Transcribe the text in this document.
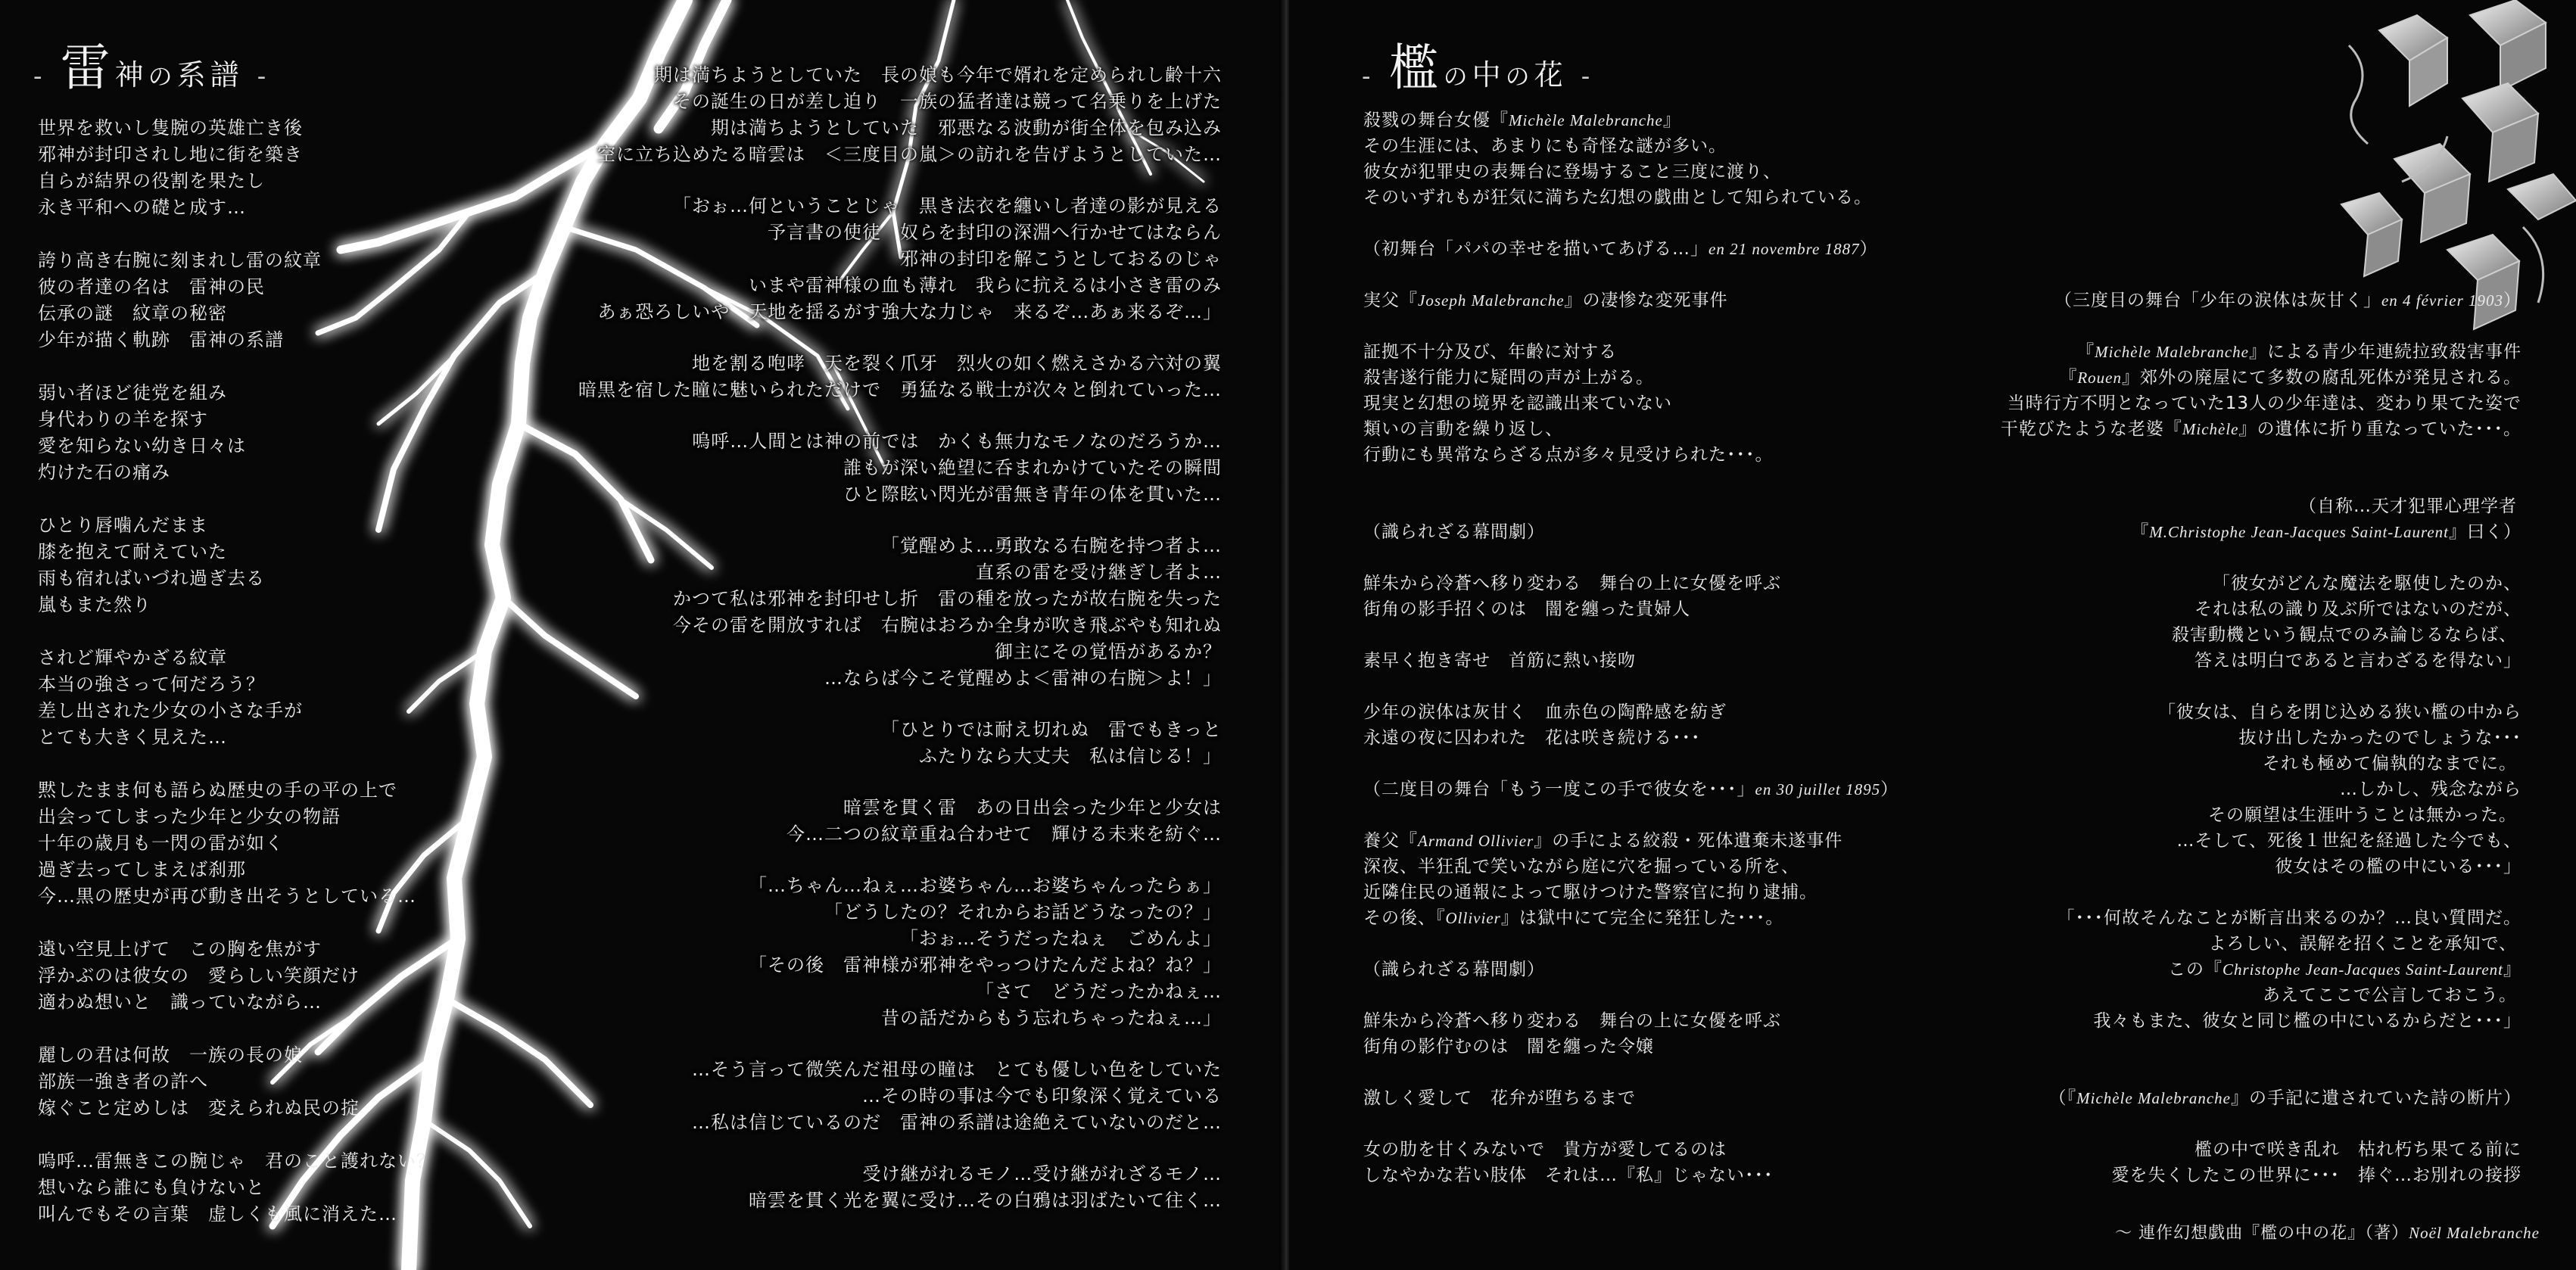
- 雷神の系譜 -
世界を救いし隻腕の英雄亡き後
邪神が封印されし地に街を築き
自らが結界の役割を果たし
永き平和への礎と成す…
誇り高き右腕に刻まれし雷の紋章
彼の者達の名は　雷神の民
伝承の謎　紋章の秘密
少年が描く軌跡　雷神の系譜
弱い者ほど徒党を組み
身代わりの羊を探す
愛を知らない幼き日々は
灼けた石の痛み
ひとり唇噛んだまま
膝を抱えて耐えていた
雨も宿ればいづれ過ぎ去る
嵐もまた然り
されど輝やかざる紋章
本当の強さって何だろう？
差し出された少女の小さな手が
とても大きく見えた…
黙したまま何も語らぬ歴史の手の平の上で
出会ってしまった少年と少女の物語
十年の歳月も一閃の雷が如く
過ぎ去ってしまえば刹那
今…黒の歴史が再び動き出そうとしている…
遠い空見上げて　この胸を焦がす
浮かぶのは彼女の　愛らしい笑顔だけ
適わぬ想いと　識っていながら…
麗しの君は何故　一族の長の娘
部族一強き者の許へ
嫁ぐこと定めしは　変えられぬ民の掟
嗚呼…雷無きこの腕じゃ　君のこと護れない？
想いなら誰にも負けないと
叫んでもその言葉　虚しくも風に消えた…
期は満ちようとしていた　長の娘も今年で婿れを定められし齢十六
その誕生の日が差し迫り　一族の猛者達は競って名乗りを上げた
期は満ちようとしていた　邪悪なる波動が街全体を包み込み
空に立ち込めたる暗雲は　＜三度目の嵐＞の訪れを告げようとしていた…
「おぉ…何ということじゃ　黒き法衣を纏いし者達の影が見える
予言書の使徒　奴らを封印の深淵へ行かせてはならん
邪神の封印を解こうとしておるのじゃ
いまや雷神様の血も薄れ　我らに抗えるは小さき雷のみ
あぁ恐ろしいや　天地を揺るがす強大な力じゃ　来るぞ…あぁ来るぞ…」
地を割る咆哮　天を裂く爪牙　烈火の如く燃えさかる六対の翼
暗黒を宿した瞳に魅いられただけで　勇猛なる戦士が次々と倒れていった…
嗚呼…人間とは神の前では　かくも無力なモノなのだろうか…
誰もが深い絶望に呑まれかけていたその瞬間
ひと際眩い閃光が雷無き青年の体を貫いた…
「覚醒めよ…勇敢なる右腕を持つ者よ…
直系の雷を受け継ぎし者よ…
かつて私は邪神を封印せし折　雷の種を放ったが故右腕を失った
今その雷を開放すれば　右腕はおろか全身が吹き飛ぶやも知れぬ
御主にその覚悟があるか？
…ならば今こそ覚醒めよ＜雷神の右腕＞よ！」
「ひとりでは耐え切れぬ　雷でもきっと
ふたりなら大丈夫　私は信じる！」
暗雲を貫く雷　あの日出会った少年と少女は
今…二つの紋章重ね合わせて　輝ける未来を紡ぐ…
「…ちゃん…ねぇ…お婆ちゃん…お婆ちゃんったらぁ」
「どうしたの？それからお話どうなったの？」
「おぉ…そうだったねぇ　ごめんよ」
「その後　雷神様が邪神をやっつけたんだよね？ね？」
「さて　どうだったかねぇ…
昔の話だからもう忘れちゃったねぇ…」
…そう言って微笑んだ祖母の瞳は　とても優しい色をしていた
…その時の事は今でも印象深く覚えている
…私は信じているのだ　雷神の系譜は途絶えていないのだと…
受け継がれるモノ…受け継がれざるモノ…
暗雲を貫く光を翼に受け…その白鴉は羽ばたいて往く…
- 檻の中の花 -
殺戮の舞台女優『Michèle Malebranche』
その生涯には、あまりにも奇怪な謎が多い。
彼女が犯罪史の表舞台に登場すること三度に渡り、
そのいずれもが狂気に満ちた幻想の戯曲として知られている。
（初舞台「パパの幸せを描いてあげる…」en 21 novembre 1887）
実父『Joseph Malebranche』の凄惨な変死事件	（三度目の舞台「少年の涙体は灰甘く」en 4 février 1903）
証拠不十分及び、年齢に対する	『Michèle Malebranche』による青少年連続拉致殺害事件
殺害遂行能力に疑問の声が上がる。	『Rouen』郊外の廃屋にて多数の腐乱死体が発見される。
現実と幻想の境界を認識出来ていない	当時行方不明となっていた13人の少年達は、変わり果てた姿で
類いの言動を繰り返し、	干乾びたような老婆『Michèle』の遺体に折り重なっていた･･･。
行動にも異常ならざる点が多々見受けられた･･･。
（自称…天才犯罪心理学者
（識られざる幕間劇）	『M.Christophe Jean-Jacques Saint-Laurent』曰く）
鮮朱から冷蒼へ移り変わる　舞台の上に女優を呼ぶ	「彼女がどんな魔法を駆使したのか、
街角の影手招くのは　闇を纏った貴婦人	それは私の識り及ぶ所ではないのだが、
殺害動機という観点でのみ論じるならば、
素早く抱き寄せ　首筋に熱い接吻	答えは明白であると言わざるを得ない」
少年の涙体は灰甘く　血赤色の陶酔感を紡ぎ	「彼女は、自らを閉じ込める狭い檻の中から
永遠の夜に囚われた　花は咲き続ける･･･	抜け出したかったのでしょうな･･･
それも極めて偏執的なまでに。
（二度目の舞台「もう一度この手で彼女を･･･」en 30 juillet 1895）	…しかし、残念ながら
その願望は生涯叶うことは無かった。
養父『Armand Ollivier』の手による絞殺・死体遺棄未遂事件	…そして、死後１世紀を経過した今でも、
深夜、半狂乱で笑いながら庭に穴を掘っている所を、	彼女はその檻の中にいる･･･」
近隣住民の通報によって駆けつけた警察官に拘り逮捕。
その後、『Ollivier』は獄中にて完全に発狂した･･･。	「･･･何故そんなことが断言出来るのか？…良い質問だ。
よろしい、誤解を招くことを承知で、
（識られざる幕間劇）	この『Christophe Jean-Jacques Saint-Laurent』
あえてここで公言しておこう。
鮮朱から冷蒼へ移り変わる　舞台の上に女優を呼ぶ	我々もまた、彼女と同じ檻の中にいるからだと･･･」
街角の影佇むのは　闇を纏った令嬢
激しく愛して　花弁が堕ちるまで	（『Michèle Malebranche』の手記に遺されていた詩の断片）
女の肋を甘くみないで　貴方が愛してるのは	檻の中で咲き乱れ　枯れ朽ち果てる前に
しなやかな若い肢体　それは…『私』じゃない･･･	愛を失くしたこの世界に･･･　捧ぐ…お別れの接拶
～ 連作幻想戯曲『檻の中の花』（著）Noël Malebranche
